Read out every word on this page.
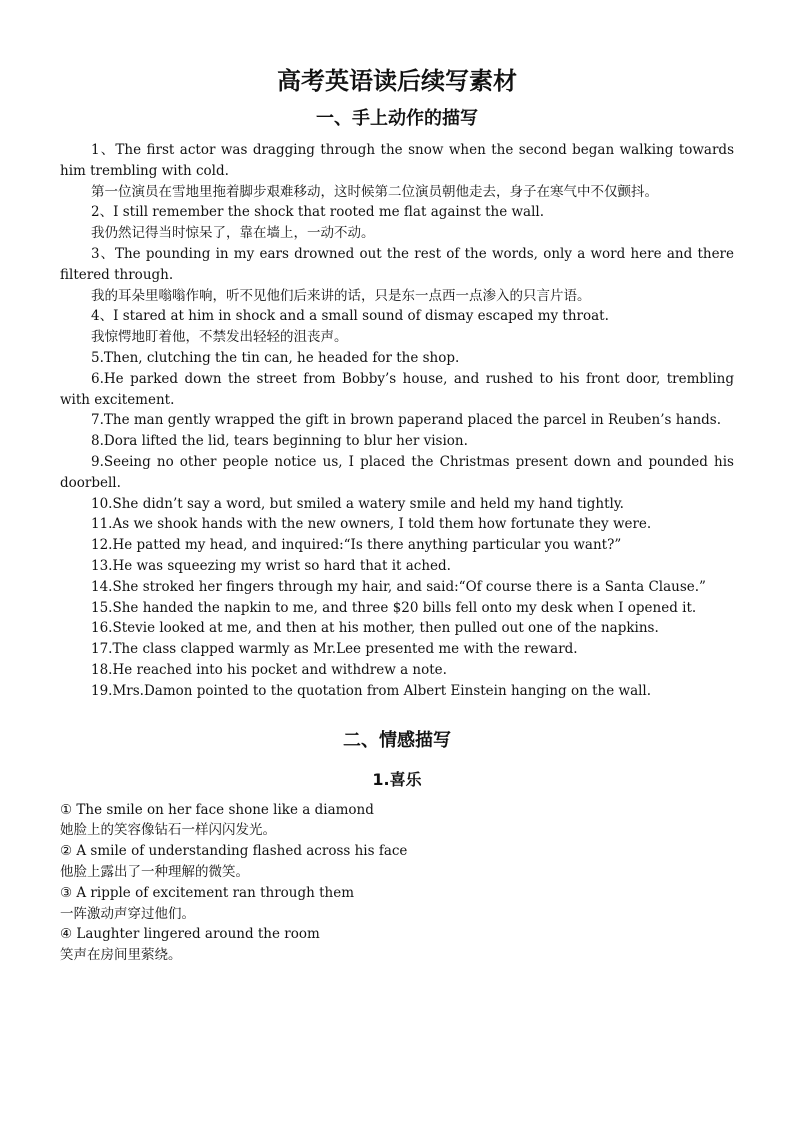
高考英语读后续写素材
一、手上动作的描写

1、The first actor was dragging through the snow when the second began walking towards him trembling with cold.

第一位演员在雪地里拖着脚步艰难移动，这时候第二位演员朝他走去，身子在寒气中不仅颤抖。

2、I still remember the shock that rooted me flat against the wall.

我仍然记得当时惊呆了，靠在墙上，一动不动。

3、The pounding in my ears drowned out the rest of the words, only a word here and there filtered through.

我的耳朵里嗡嗡作响，听不见他们后来讲的话，只是东一点西一点渗入的只言片语。

4、I stared at him in shock and a small sound of dismay escaped my throat.

我惊愕地盯着他，不禁发出轻轻的沮丧声。

5.Then, clutching the tin can, he headed for the shop.

6.He parked down the street from Bobby’s house, and rushed to his front door, trembling with excitement.

7.The man gently wrapped the gift in brown paperand placed the parcel in Reuben’s hands.

8.Dora lifted the lid, tears beginning to blur her vision.

9.Seeing no other people notice us, I placed the Christmas present down and pounded his doorbell.

10.She didn’t say a word, but smiled a watery smile and held my hand tightly.

11.As we shook hands with the new owners, I told them how fortunate they were.

12.He patted my head, and inquired:“Is there anything particular you want?”

13.He was squeezing my wrist so hard that it ached.

14.She stroked her fingers through my hair, and said:“Of course there is a Santa Clause.”

15.She handed the napkin to me, and three $20 bills fell onto my desk when I opened it.

16.Stevie looked at me, and then at his mother, then pulled out one of the napkins.

17.The class clapped warmly as Mr.Lee presented me with the reward.

18.He reached into his pocket and withdrew a note.

19.Mrs.Damon pointed to the quotation from Albert Einstein hanging on the wall.

二、情感描写
1.喜乐

① The smile on her face shone like a diamond

她脸上的笑容像钻石一样闪闪发光。

② A smile of understanding flashed across his face

他脸上露出了一种理解的微笑。

③ A ripple of excitement ran through them

一阵激动声穿过他们。

④ Laughter lingered around the room

笑声在房间里萦绕。
